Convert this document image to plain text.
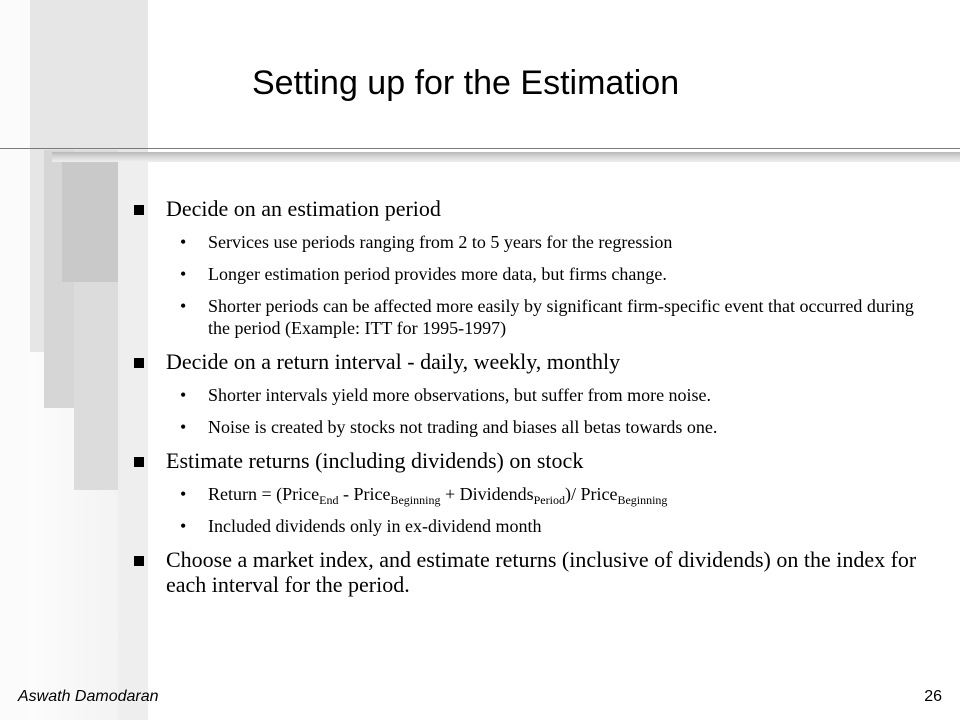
Setting up for the Estimation
Decide on an estimation period
• Services use periods ranging from 2 to 5 years for the regression
• Longer estimation period provides more data, but firms change.
• Shorter periods can be affected more easily by significant firm-specific event that occurred during the period (Example: ITT for 1995-1997)
Decide on a return interval - daily, weekly, monthly
• Shorter intervals yield more observations, but suffer from more noise.
• Noise is created by stocks not trading and biases all betas towards one.
Estimate returns (including dividends) on stock
• Return = (Price$_{End}$ - Price$_{Beginning}$ + Dividends$_{Period}$)/ Price$_{Beginning}$
• Included dividends only in ex-dividend month
Choose a market index, and estimate returns (inclusive of dividends) on the index for each interval for the period.
Aswath Damodaran	26
